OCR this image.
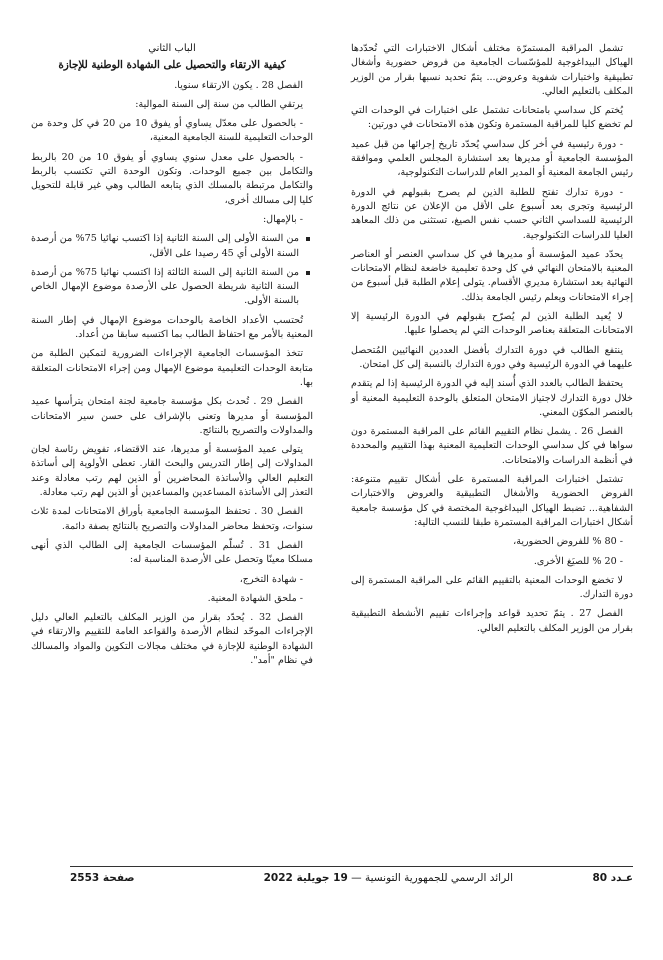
تشمل المراقبة المستمرّة مختلف أشكال الاختبارات التي تُحدّدها الهياكل البيداغوجية للمؤسّسات الجامعية من فروض حضورية وأشغال تطبيقية واختبارات شفوية وعروض... يتمّ تحديد نسبها بقرار من الوزير المكلف بالتعليم العالي.

يُختم كل سداسي بامتحانات تشتمل على اختبارات في الوحدات التي لم تخضع كليا للمراقبة المستمرة وتكون هذه الامتحانات في دورتين:

- دورة رئيسية في أخر كل سداسي يُحدّد تاريخ إجرائها من قبل عميد المؤسسة الجامعية أو مديرها بعد استشارة المجلس العلمي وموافقة رئيس الجامعة المعنية أو المدير العام للدراسات التكنولوجية،

- دورة تدارك تفتح للطلبة الذين لم يصرح بقبولهم في الدورة الرئيسية وتجرى بعد أسبوع على الأقل من الإعلان عن نتائج الدورة الرئيسية للسداسي الثاني حسب نفس الصيغ، تستثنى من ذلك المعاهد العليا للدراسات التكنولوجية.

يحدّد عميد المؤسسة أو مديرها في كل سداسي العنصر أو العناصر المعنية بالامتحان النهائي في كل وحدة تعليمية خاضعة لنظام الامتحانات النهائية بعد استشارة مديري الأقسام. يتولى إعلام الطلبة قبل أسبوع من إجراء الامتحانات ويعلم رئيس الجامعة بذلك.

لا يُعيد الطلبة الذين لم يُصرّح بقبولهم في الدورة الرئيسية إلا الامتحانات المتعلقة بعناصر الوحدات التي لم يحصلوا عليها.

ينتفع الطالب في دورة التدارك بأفضل العددين النهائيين المُتحصل عليهما في الدورة الرئيسية وفي دورة التدارك بالنسبة إلى كل امتحان.

يحتفظ الطالب بالعدد الذي أُسند إليه في الدورة الرئيسية إذا لم يتقدم خلال دورة التدارك لاجتياز الامتحان المتعلق بالوحدة التعليمية المعنية أو بالعنصر المكوّن المعني.

الفصل 26 . يشمل نظام التقييم القائم على المراقبة المستمرة دون سواها في كل سداسي الوحدات التعليمية المعنية بهذا التقييم والمحددة في أنظمة الدراسات والامتحانات.

تشتمل اختبارات المراقبة المستمرة على أشكال تقييم متنوعة: الفروض الحضورية والأشغال التطبيقية والعروض والاختبارات الشفاهية... تضبط الهياكل البيداغوجية المختصة في كل مؤسسة جامعية أشكال اختبارات المراقبة المستمرة طبقا للنسب التالية:

- 80 % للفروض الحضورية،

- 20 % للصيَغ الأخرى.

لا تخضع الوحدات المعنية بالتقييم القائم على المراقبة المستمرة إلى دورة التدارك.

الفصل 27 . يتمّ تحديد قواعد وإجراءات تقييم الأنشطة التطبيقية بقرار من الوزير المكلف بالتعليم العالي.

الباب الثاني
كيفية الارتقاء والتحصيل على الشهادة الوطنية للإجازة

الفصل 28 . يكون الارتقاء سنويا.

يرتقي الطالب من سنة إلى السنة الموالية:

- بالحصول على معدّل يساوي أو يفوق 10 من 20 في كل وحدة من الوحدات التعليمية للسنة الجامعية المعنية،

- بالحصول على معدل سنوي يساوي أو يفوق 10 من 20 بالربط والتكامل بين جميع الوحدات. وتكون الوحدة التي تكتسب بالربط والتكامل مرتبطة بالمسلك الذي يتابعه الطالب وهي غير قابلة للتحويل كليا إلى مسالك أخرى،

- بالإمهال:

من السنة الأولى إلى السنة الثانية إذا اكتسب نهائيا 75% من أرصدة السنة الأولى أي 45 رصيدا على الأقل،

من السنة الثانية إلى السنة الثالثة إذا اكتسب نهائيا 75% من أرصدة السنة الثانية شريطة الحصول على الأرصدة موضوع الإمهال الخاص بالسنة الأولى.

تُحتسب الأعداد الخاصة بالوحدات موضوع الإمهال في إطار السنة المعنية بالأمر مع احتفاظ الطالب بما اكتسبه سابقا من أعداد.

تتخذ المؤسسات الجامعية الإجراءات الضرورية لتمكين الطلبة من متابعة الوحدات التعليمية موضوع الإمهال ومن إجراء الامتحانات المتعلقة بها.

الفصل 29 . تُحدث بكل مؤسسة جامعية لجنة امتحان يترأسها عميد المؤسسة أو مديرها وتعنى بالإشراف على حسن سير الامتحانات والمداولات والتصريح بالنتائج.

يتولى عميد المؤسسة أو مديرها، عند الاقتضاء، تفويض رئاسة لجان المداولات إلى إطار التدريس والبحث القار. تعطى الأولوية إلى أساتذة التعليم العالي والأساتذة المحاضرين أو الذين لهم رتب معادلة وعند التعذر إلى الأساتذة المساعدين والمساعدين أو الذين لهم رتب معادلة.

الفصل 30 . تحتفظ المؤسسة الجامعية بأوراق الامتحانات لمدة ثلاث سنوات، وتحفظ محاضر المداولات والتصريح بالنتائج بصفة دائمة.

الفصل 31 . تُسلّم المؤسسات الجامعية إلى الطالب الذي أنهى مسلكا معينًا وتحصل على الأرصدة المناسبة له:

- شهادة التخرج،

- ملحق الشهادة المعنية.

الفصل 32 . يُحدّد بقرار من الوزير المكلف بالتعليم العالي دليل الإجراءات الموحّد لنظام الأرصدة والقواعد العامة للتقييم والارتقاء في الشهادة الوطنية للإجازة في مختلف مجالات التكوين والمواد والمسالك في نظام "أمد".

عـدد 80
الرائد الرسمي للجمهورية التونسية — 19 جويلية 2022
صفحة 2553
